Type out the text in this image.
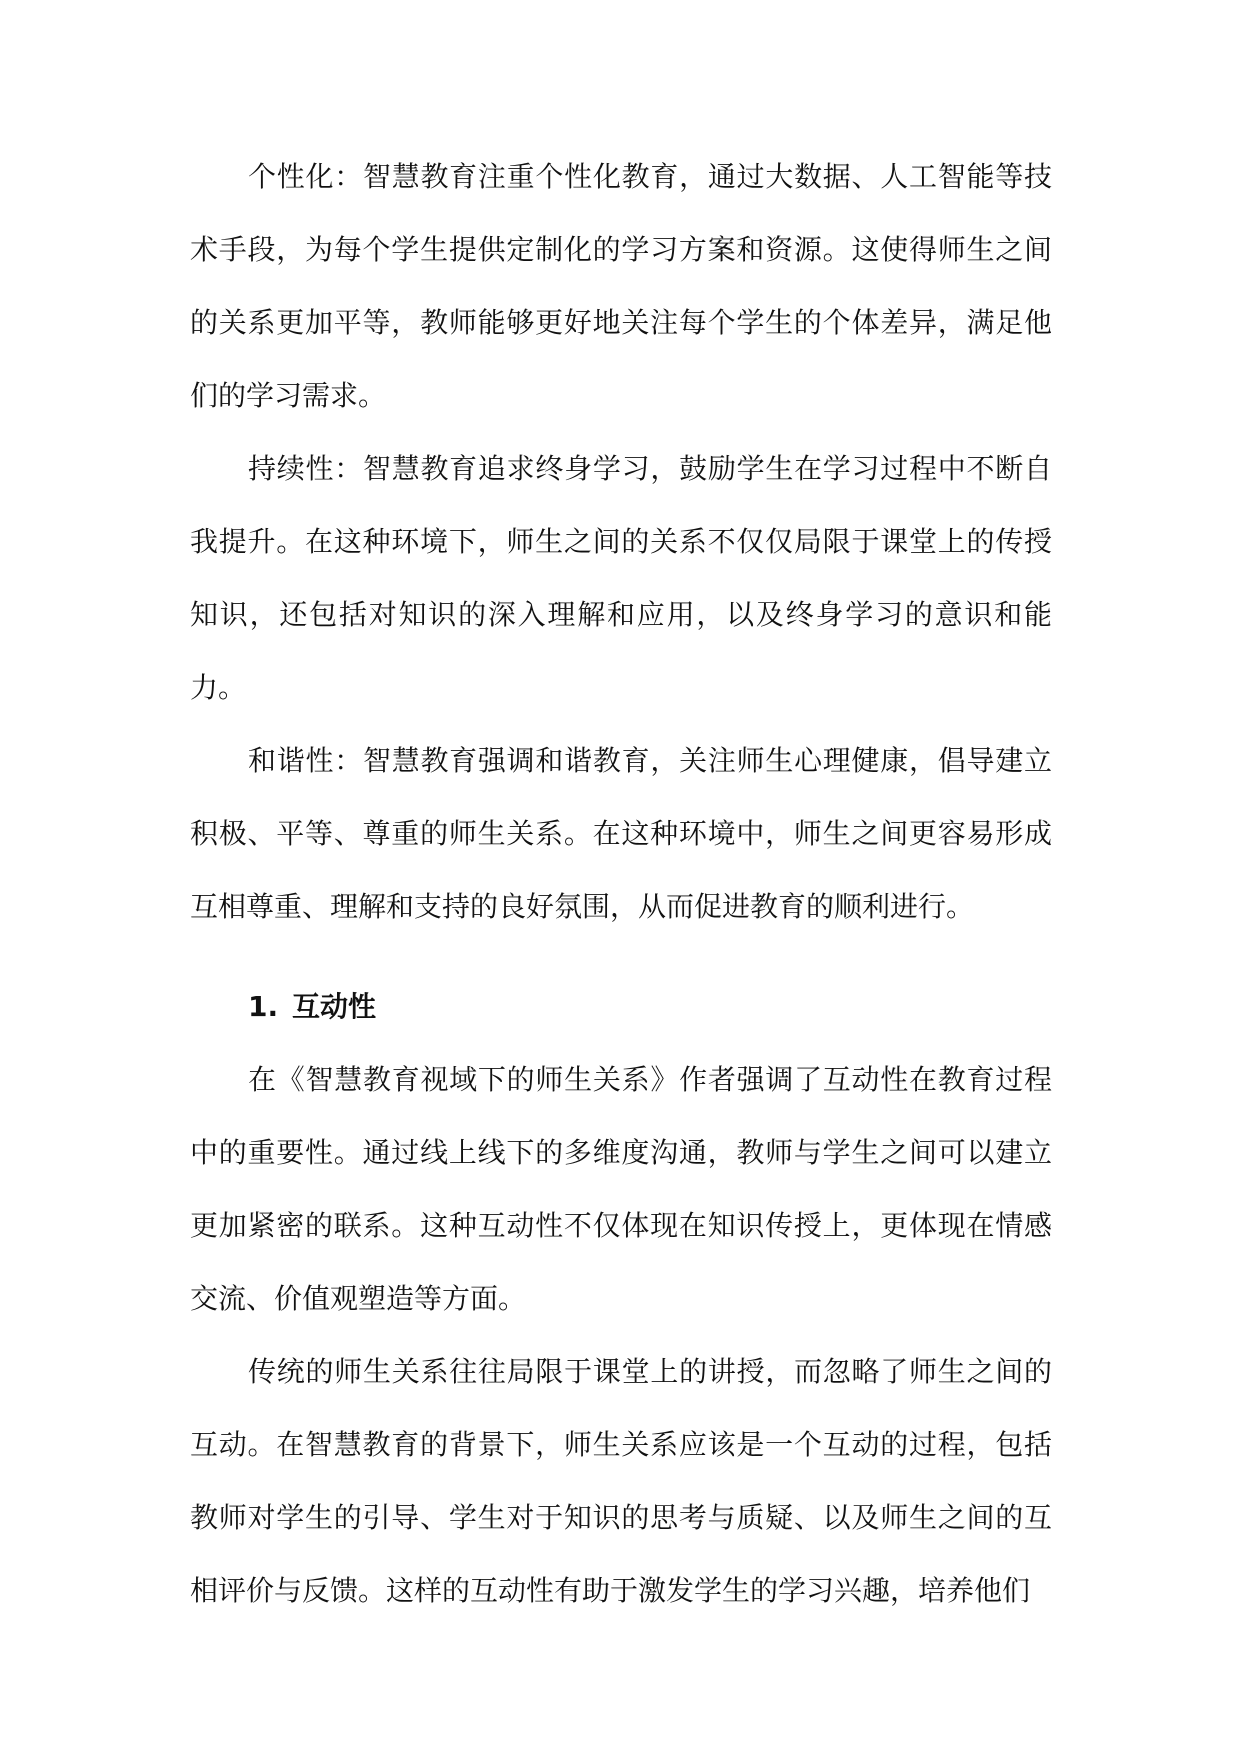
个性化：智慧教育注重个性化教育，通过大数据、人工智能等技术手段，为每个学生提供定制化的学习方案和资源。这使得师生之间的关系更加平等，教师能够更好地关注每个学生的个体差异，满足他们的学习需求。

持续性：智慧教育追求终身学习，鼓励学生在学习过程中不断自我提升。在这种环境下，师生之间的关系不仅仅局限于课堂上的传授知识，还包括对知识的深入理解和应用，以及终身学习的意识和能力。

和谐性：智慧教育强调和谐教育，关注师生心理健康，倡导建立积极、平等、尊重的师生关系。在这种环境中，师生之间更容易形成互相尊重、理解和支持的良好氛围，从而促进教育的顺利进行。

1. 互动性

在《智慧教育视域下的师生关系》作者强调了互动性在教育过程中的重要性。通过线上线下的多维度沟通，教师与学生之间可以建立更加紧密的联系。这种互动性不仅体现在知识传授上，更体现在情感交流、价值观塑造等方面。

传统的师生关系往往局限于课堂上的讲授，而忽略了师生之间的互动。在智慧教育的背景下，师生关系应该是一个互动的过程，包括教师对学生的引导、学生对于知识的思考与质疑、以及师生之间的互相评价与反馈。这样的互动性有助于激发学生的学习兴趣，培养他们
